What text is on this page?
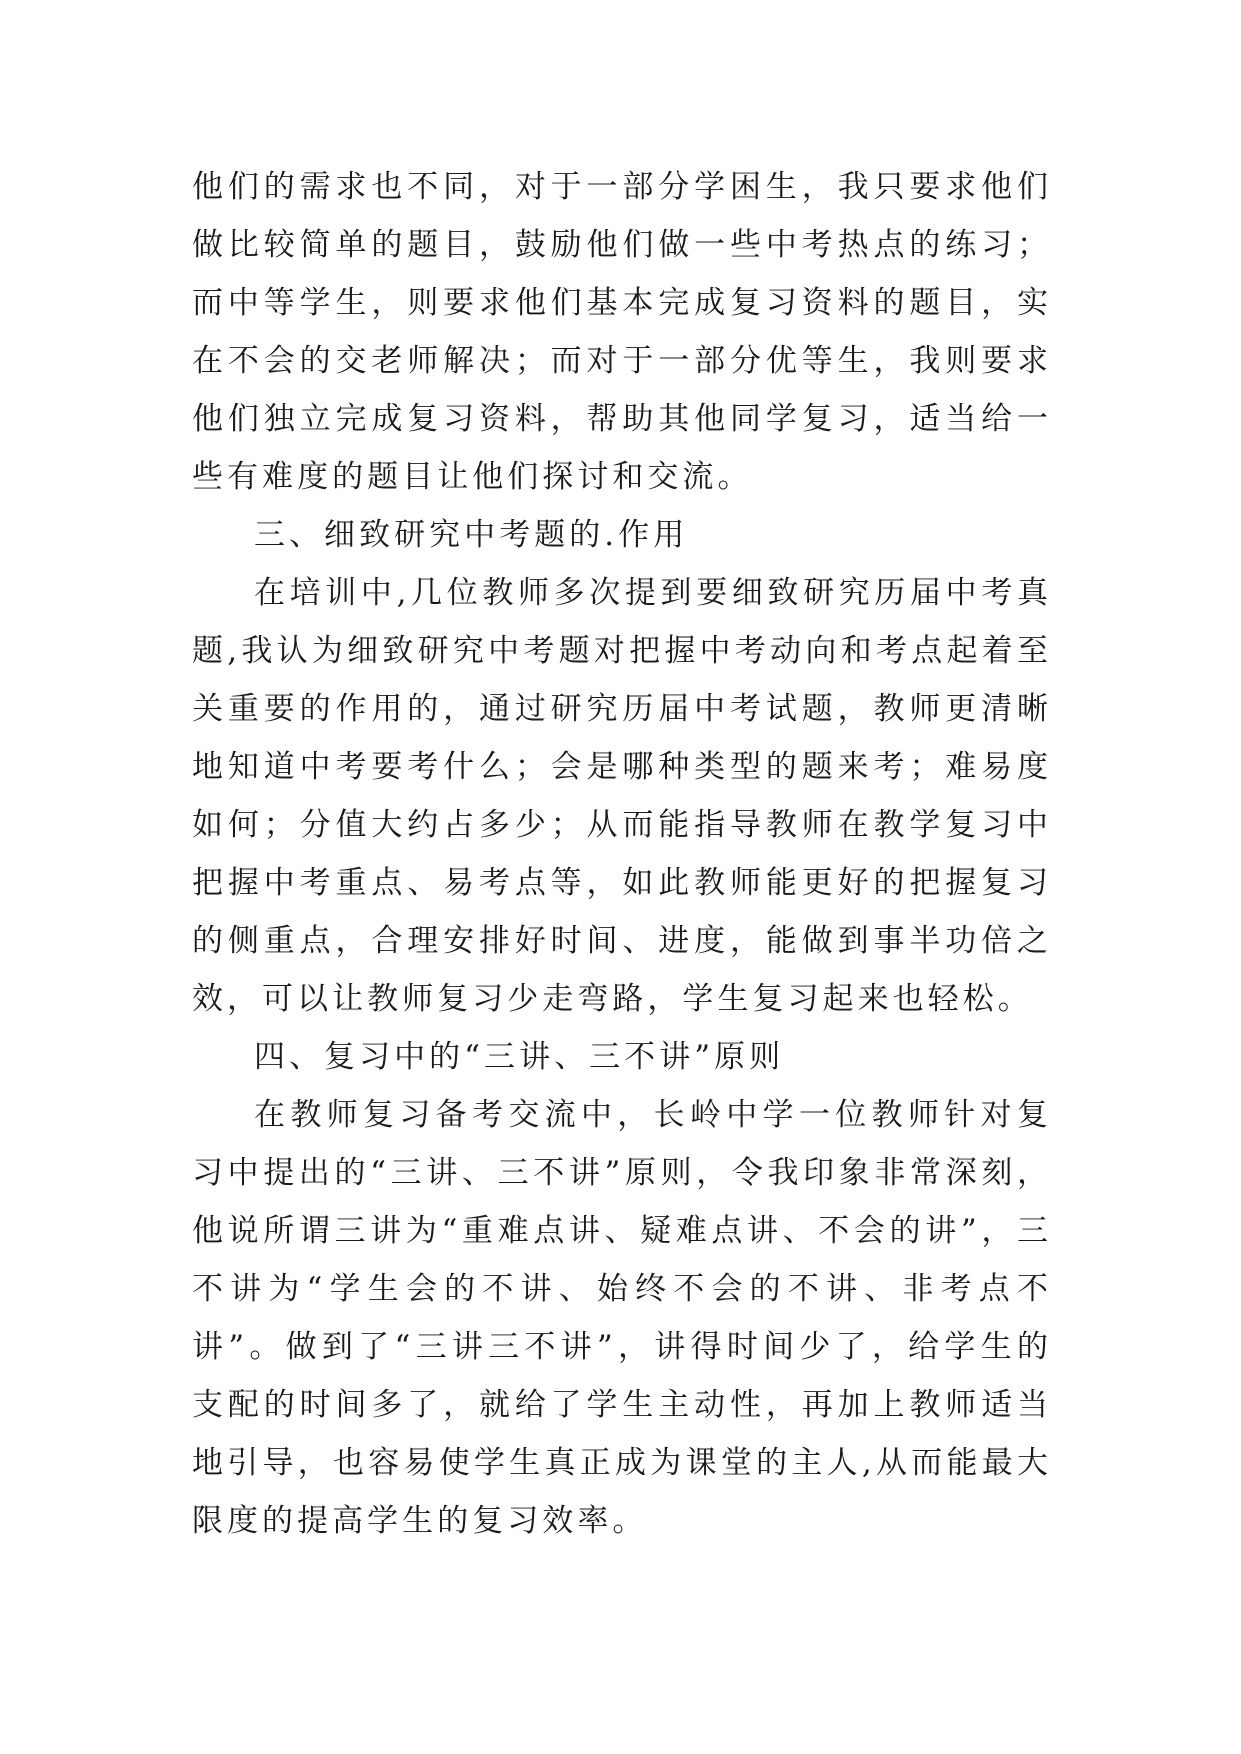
他们的需求也不同，对于一部分学困生，我只要求他们做比较简单的题目，鼓励他们做一些中考热点的练习；而中等学生，则要求他们基本完成复习资料的题目，实在不会的交老师解决；而对于一部分优等生，我则要求他们独立完成复习资料，帮助其他同学复习，适当给一些有难度的题目让他们探讨和交流。

三、细致研究中考题的.作用

在培训中,几位教师多次提到要细致研究历届中考真题,我认为细致研究中考题对把握中考动向和考点起着至关重要的作用的，通过研究历届中考试题，教师更清晰地知道中考要考什么；会是哪种类型的题来考；难易度如何；分值大约占多少；从而能指导教师在教学复习中把握中考重点、易考点等，如此教师能更好的把握复习的侧重点，合理安排好时间、进度，能做到事半功倍之效，可以让教师复习少走弯路，学生复习起来也轻松。

四、复习中的“三讲、三不讲”原则

在教师复习备考交流中，长岭中学一位教师针对复习中提出的“三讲、三不讲”原则，令我印象非常深刻，他说所谓三讲为“重难点讲、疑难点讲、不会的讲”，三不讲为“学生会的不讲、始终不会的不讲、非考点不讲”。做到了“三讲三不讲”，讲得时间少了，给学生的支配的时间多了，就给了学生主动性，再加上教师适当地引导，也容易使学生真正成为课堂的主人,从而能最大限度的提高学生的复习效率。
